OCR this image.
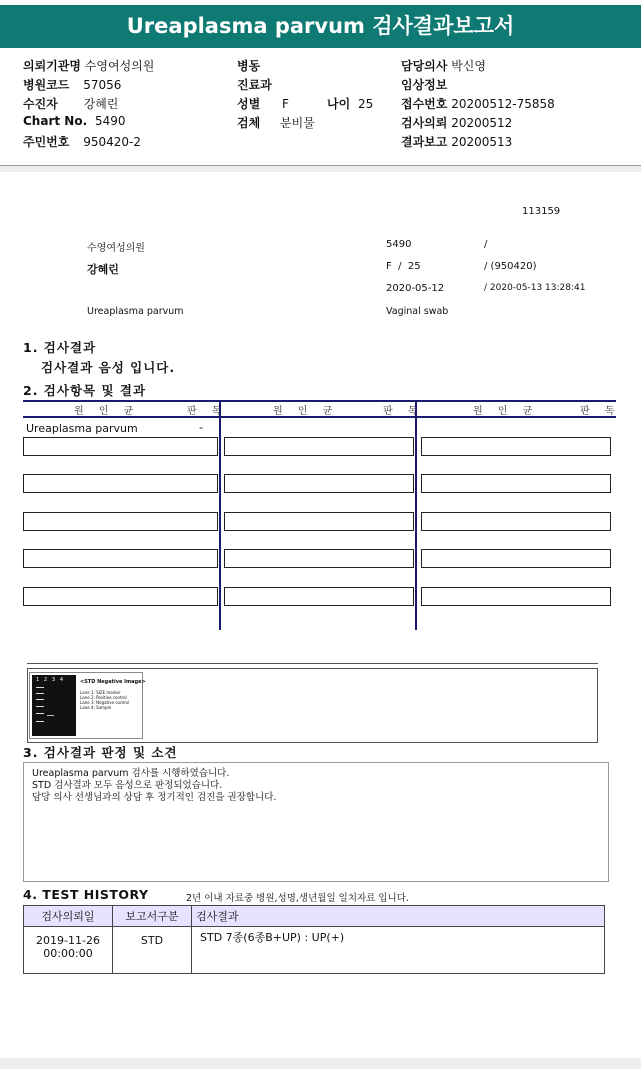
Ureaplasma parvum 검사결과보고서
의뢰기관명 수영여성의원
병원코드 57056
수진자 강혜린
Chart No. 5490
주민번호 950420-2
병동
진료과
성별 F
검체 분비물
나이 25
담당의사 박신영
임상정보
접수번호 20200512-75858
검사의뢰 20200512
결과보고 20200513
113159
수영여성의원	5490	/
강혜린	F  /  25	/ (950420)
2020-05-12	/ 2020-05-13 13:28:41
Ureaplasma parvum	Vaginal swab
1. 검사결과
검사결과 음성 입니다.
2. 검사항목 및 결과
원 인 균	판 독	원 인 균	판 독	원 인 균	판 독
Ureaplasma parvum	-
1   2   3   4	<STD Negative Image>
Lane 1: SIZE marker
Lane 2: Positive control
Lane 3: Negative control
Lane 4: Sample
3. 검사결과 판정 및 소견
Ureaplasma parvum 검사를 시행하였습니다.
STD 검사결과 모두 음성으로 판정되었습니다.
담당 의사 선생님과의 상담 후 정기적인 검진을 권장합니다.
4. TEST HISTORY	2년 이내 자료중 병원,성명,생년월일 일치자료 입니다.
검사의뢰일	보고서구분	검사결과

2019-11-26
00:00:00	STD	STD 7종(6종B+UP) : UP(+)
